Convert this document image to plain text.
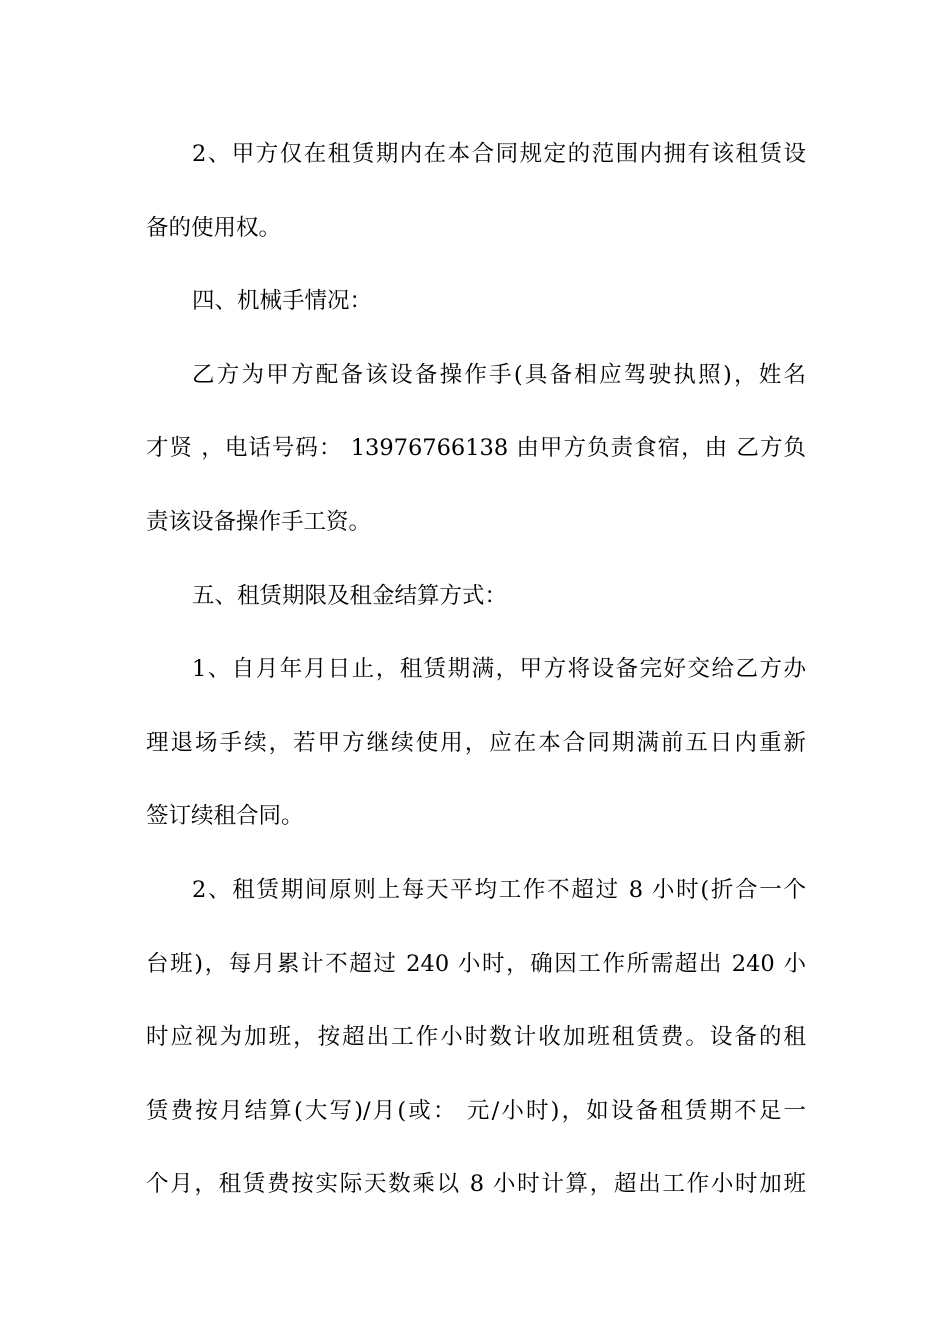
2、甲方仅在租赁期内在本合同规定的范围内拥有该租赁设
备的使用权。
四、机械手情况：
乙方为甲方配备该设备操作手(具备相应驾驶执照)，姓名
才贤 ，电话号码： 13976766138 由甲方负责食宿，由 乙方负
责该设备操作手工资。
五、租赁期限及租金结算方式：
1、自月年月日止，租赁期满，甲方将设备完好交给乙方办
理退场手续，若甲方继续使用，应在本合同期满前五日内重新
签订续租合同。
2、租赁期间原则上每天平均工作不超过 8 小时(折合一个
台班)，每月累计不超过 240 小时，确因工作所需超出 240 小
时应视为加班，按超出工作小时数计收加班租赁费。设备的租
赁费按月结算(大写)/月(或： 元/小时)，如设备租赁期不足一
个月，租赁费按实际天数乘以 8 小时计算，超出工作小时加班
